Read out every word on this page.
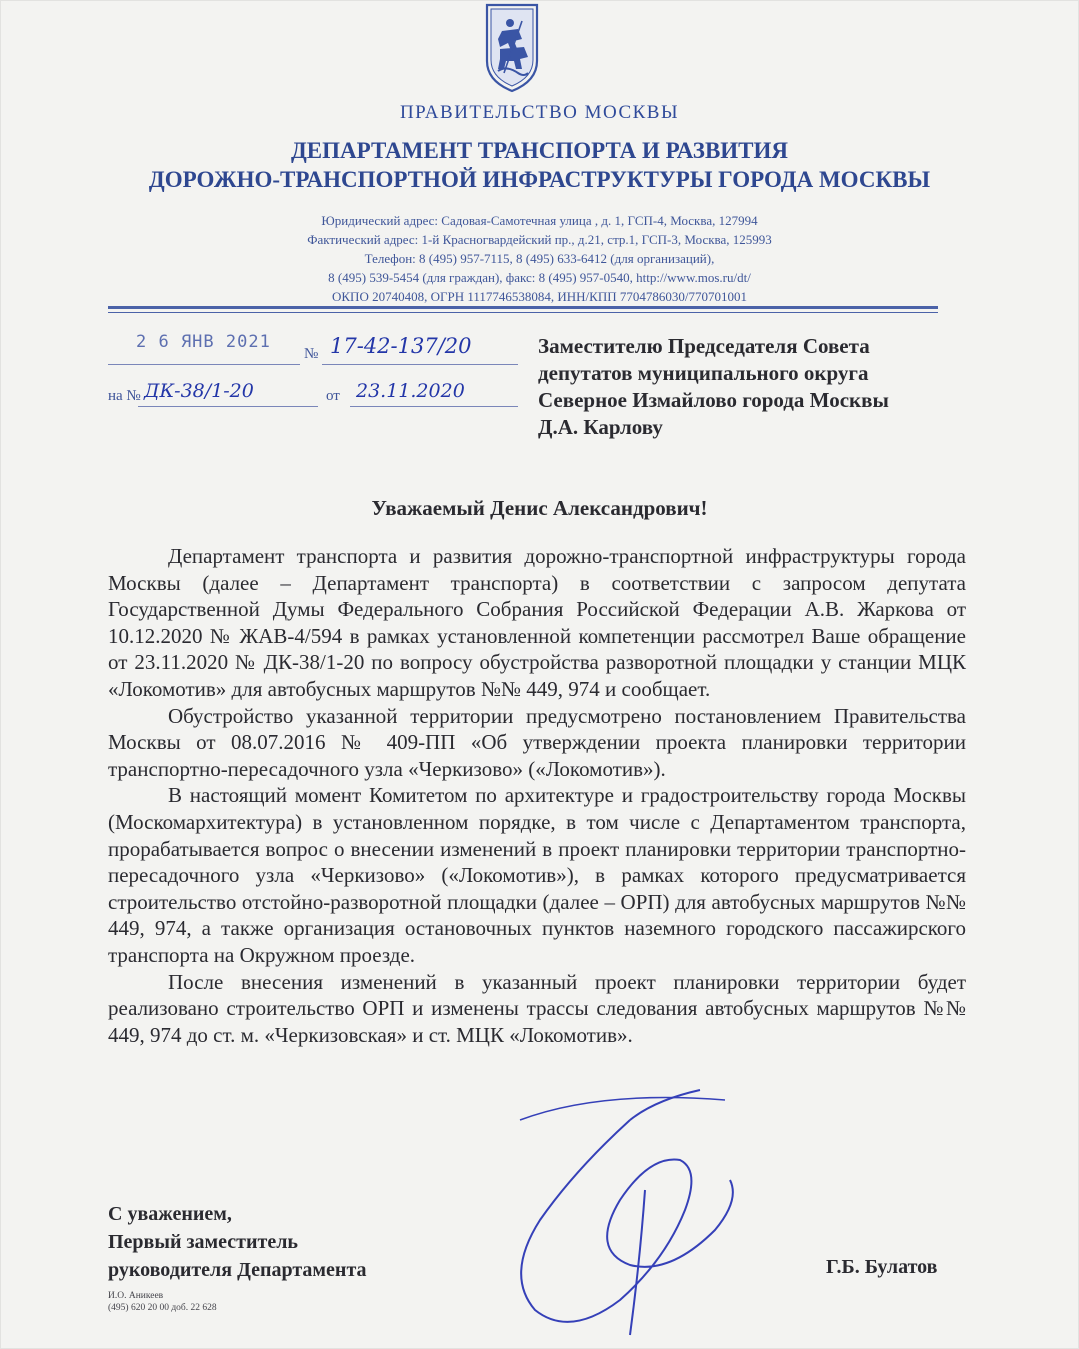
ПРАВИТЕЛЬСТВО МОСКВЫ
ДЕПАРТАМЕНТ ТРАНСПОРТА И РАЗВИТИЯ
ДОРОЖНО-ТРАНСПОРТНОЙ ИНФРАСТРУКТУРЫ ГОРОДА МОСКВЫ
Юридический адрес: Садовая-Самотечная улица , д. 1, ГСП-4, Москва, 127994
Фактический адрес: 1-й Красногвардейский пр., д.21, стр.1, ГСП-3, Москва, 125993
Телефон: 8 (495) 957-7115, 8 (495) 633-6412 (для организаций),
8 (495) 539-5454 (для граждан), факс: 8 (495) 957-0540, http://www.mos.ru/dt/
ОКПО 20740408, ОГРН 1117746538084, ИНН/КПП 7704786030/770701001
2 6 ЯНВ 2021
№ 17-42-137/20
на № ДК-38/1-20	от 23.11.2020
Заместителю Председателя Совета
депутатов муниципального округа
Северное Измайлово города Москвы
Д.А. Карлову
Уважаемый Денис Александрович!

Департамент транспорта и развития дорожно-транспортной инфраструктуры города Москвы (далее – Департамент транспорта) в соответствии с запросом депутата Государственной Думы Федерального Собрания Российской Федерации А.В. Жаркова от 10.12.2020 № ЖАВ-4/594 в рамках установленной компетенции рассмотрел Ваше обращение от 23.11.2020 № ДК-38/1-20 по вопросу обустройства разворотной площадки у станции МЦК «Локомотив» для автобусных маршрутов №№ 449, 974 и сообщает.

Обустройство указанной территории предусмотрено постановлением Правительства Москвы от 08.07.2016 № 409-ПП «Об утверждении проекта планировки территории транспортно-пересадочного узла «Черкизово» («Локомотив»).

В настоящий момент Комитетом по архитектуре и градостроительству города Москвы (Москомархитектура) в установленном порядке, в том числе с Департаментом транспорта, прорабатывается вопрос о внесении изменений в проект планировки территории транспортно-пересадочного узла «Черкизово» («Локомотив»), в рамках которого предусматривается строительство отстойно-разворотной площадки (далее – ОРП) для автобусных маршрутов №№ 449, 974, а также организация остановочных пунктов наземного городского пассажирского транспорта на Окружном проезде.

После внесения изменений в указанный проект планировки территории будет реализовано строительство ОРП и изменены трассы следования автобусных маршрутов №№ 449, 974 до ст. м. «Черкизовская» и ст. МЦК «Локомотив».

С уважением,
Первый заместитель
руководителя Департамента	Г.Б. Булатов
И.О. Аникеев
(495) 620 20 00 доб. 22 628
